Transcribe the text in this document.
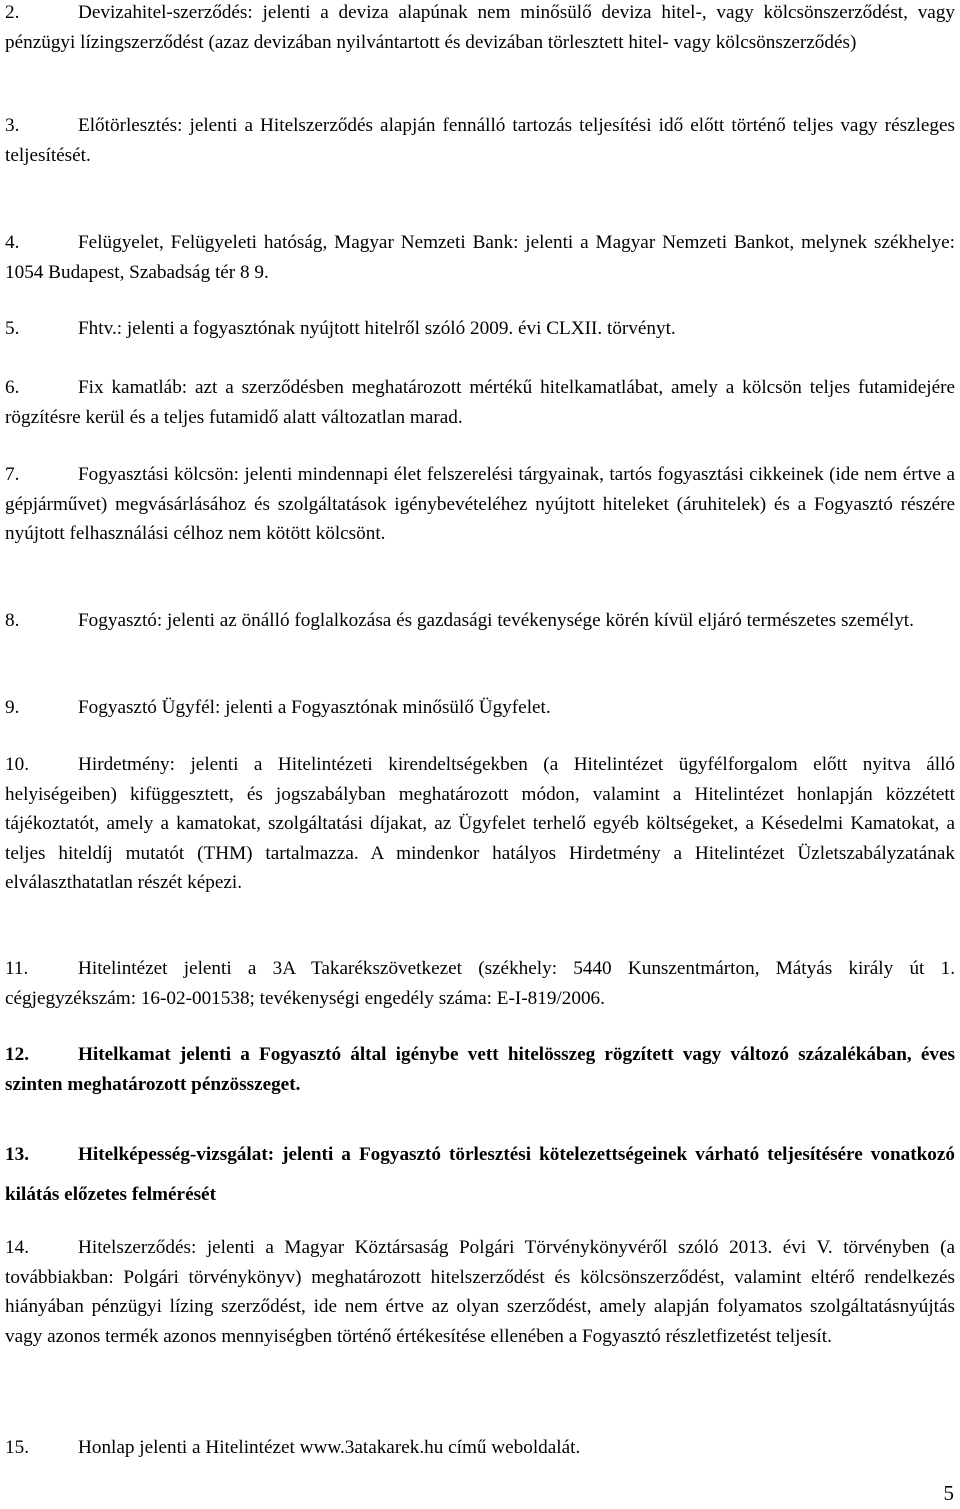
2.	Devizahitel-szerződés: jelenti a deviza alapúnak nem minősülő deviza hitel-, vagy kölcsönszerződést, vagy pénzügyi lízingszerződést (azaz devizában nyilvántartott és devizában törlesztett hitel- vagy kölcsönszerződés)

3.	Előtörlesztés: jelenti a Hitelszerződés alapján fennálló tartozás teljesítési idő előtt történő teljes vagy részleges teljesítését.

4.	Felügyelet, Felügyeleti hatóság, Magyar Nemzeti Bank: jelenti a Magyar Nemzeti Bankot, melynek székhelye: 1054 Budapest, Szabadság tér 8 9.

5.	Fhtv.: jelenti a fogyasztónak nyújtott hitelről szóló 2009. évi CLXII. törvényt.

6.	Fix kamatláb: azt a szerződésben meghatározott mértékű hitelkamatlábat, amely a kölcsön teljes futamidejére rögzítésre kerül és a teljes futamidő alatt változatlan marad.

7.	Fogyasztási kölcsön: jelenti mindennapi élet felszerelési tárgyainak, tartós fogyasztási cikkeinek (ide nem értve a gépjárművet) megvásárlásához és szolgáltatások igénybevételéhez nyújtott hiteleket (áruhitelek) és a Fogyasztó részére nyújtott felhasználási célhoz nem kötött kölcsönt.

8.	Fogyasztó: jelenti az önálló foglalkozása és gazdasági tevékenysége körén kívül eljáró természetes személyt.

9.	Fogyasztó Ügyfél: jelenti a Fogyasztónak minősülő Ügyfelet.

10.	Hirdetmény: jelenti a Hitelintézeti kirendeltségekben (a Hitelintézet ügyfélforgalom előtt nyitva álló helyiségeiben) kifüggesztett, és jogszabályban meghatározott módon, valamint a Hitelintézet honlapján közzétett tájékoztatót, amely a kamatokat, szolgáltatási díjakat, az Ügyfelet terhelő egyéb költségeket, a Késedelmi Kamatokat, a teljes hiteldíj mutatót (THM) tartalmazza. A mindenkor hatályos Hirdetmény a Hitelintézet Üzletszabályzatának elválaszthatatlan részét képezi.

11.	Hitelintézet jelenti a 3A Takarékszövetkezet (székhely: 5440 Kunszentmárton, Mátyás király út 1. cégjegyzékszám: 16-02-001538; tevékenységi engedély száma: E-I-819/2006.

12.	Hitelkamat jelenti a Fogyasztó által igénybe vett hitelösszeg rögzített vagy változó százalékában, éves szinten meghatározott pénzösszeget.

13.	Hitelképesség-vizsgálat: jelenti a Fogyasztó törlesztési kötelezettségeinek várható teljesítésére vonatkozó kilátás előzetes felmérését

14.	Hitelszerződés: jelenti a Magyar Köztársaság Polgári Törvénykönyvéről szóló 2013. évi V. törvényben (a továbbiakban: Polgári törvénykönyv) meghatározott hitelszerződést és kölcsönszerződést, valamint eltérő rendelkezés hiányában pénzügyi lízing szerződést, ide nem értve az olyan szerződést, amely alapján folyamatos szolgáltatásnyújtás vagy azonos termék azonos mennyiségben történő értékesítése ellenében a Fogyasztó részletfizetést teljesít.

15.	Honlap jelenti a Hitelintézet www.3atakarek.hu című weboldalát.

5
